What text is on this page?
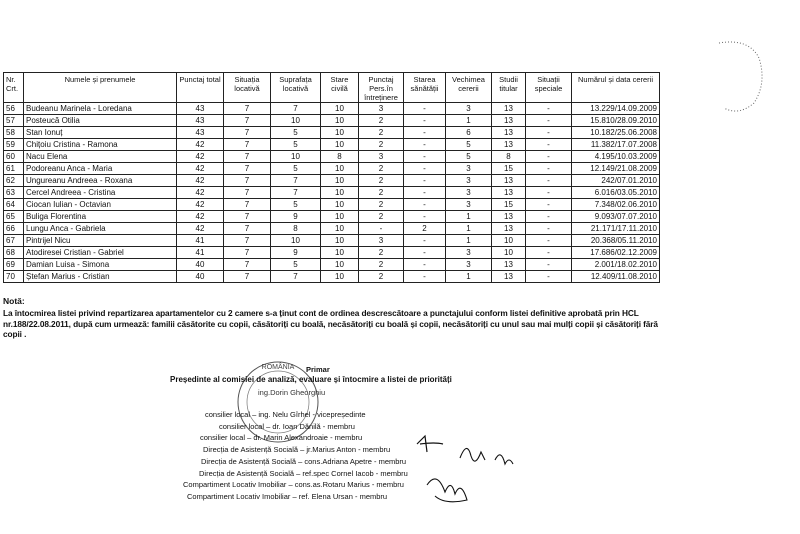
Nr. Crt.	Numele și prenumele	Punctaj total	Situația locativă	Suprafața locativă	Stare civilă	Punctaj Pers.în întreținere	Starea sănătății	Vechimea cererii	Studii titular	Situații speciale	Numărul și data cererii
56	Budeanu Marinela - Loredana	43	7	7	10	3	-	3	13	-	13.229/14.09.2009
57	Posteucă Otilia	43	7	10	10	2	-	1	13	-	15.810/28.09.2010
58	Stan Ionuț	43	7	5	10	2	-	6	13	-	10.182/25.06.2008
59	Chițoiu Cristina - Ramona	42	7	5	10	2	-	5	13	-	11.382/17.07.2008
60	Nacu Elena	42	7	10	8	3	-	5	8	-	4.195/10.03.2009
61	Podoreanu Anca - Maria	42	7	5	10	2	-	3	15	-	12.149/21.08.2009
62	Ungureanu Andreea - Roxana	42	7	7	10	2	-	3	13	-	242/07.01.2010
63	Cercel Andreea - Cristina	42	7	7	10	2	-	3	13	-	6.016/03.05.2010
64	Ciocan Iulian - Octavian	42	7	5	10	2	-	3	15	-	7.348/02.06.2010
65	Buliga Florentina	42	7	9	10	2	-	1	13	-	9.093/07.07.2010
66	Lungu Anca - Gabriela	42	7	8	10	-	2	1	13	-	21.171/17.11.2010
67	Pintrijel Nicu	41	7	10	10	3	-	1	10	-	20.368/05.11.2010
68	Atodiresei Cristian - Gabriel	41	7	9	10	2	-	3	10	-	17.686/02.12.2009
69	Damian Luisa - Simona	40	7	5	10	2	-	3	13	-	2.001/18.02.2010
70	Ștefan Marius - Cristian	40	7	7	10	2	-	1	13	-	12.409/11.08.2010
Notă:
La întocmirea listei privind repartizarea apartamentelor cu 2 camere s-a ținut cont de ordinea descrescătoare a punctajului conform listei definitive aprobată prin HCL nr.188/22.08.2011, după cum urmează: familii căsătorite cu copii, căsătoriți cu boală, necăsătoriți cu boală și copii, necăsătoriți cu unul sau mai mulți copii și căsătoriți fără copii .
ROMÂNIA Primar
Președinte al comisiei de analiză, evaluare și întocmire a listei de priorități
ing.Dorin Gheorghiu
consilier local – ing. Nelu Gîrhel - vicepreședinte
consilier local – dr. Ioan Dănilă - membru
consilier local – dr. Marin Alexandroaie - membru
Direcția de Asistență Socială – jr.Marius Anton - membru
Direcția de Asistență Socială – cons.Adriana Apetre - membru
Direcția de Asistență Socială – ref.spec Cornel Iacob - membru
Compartiment Locativ Imobiliar – cons.as.Rotaru Marius - membru
Compartiment Locativ Imobiliar – ref. Elena Ursan - membru
